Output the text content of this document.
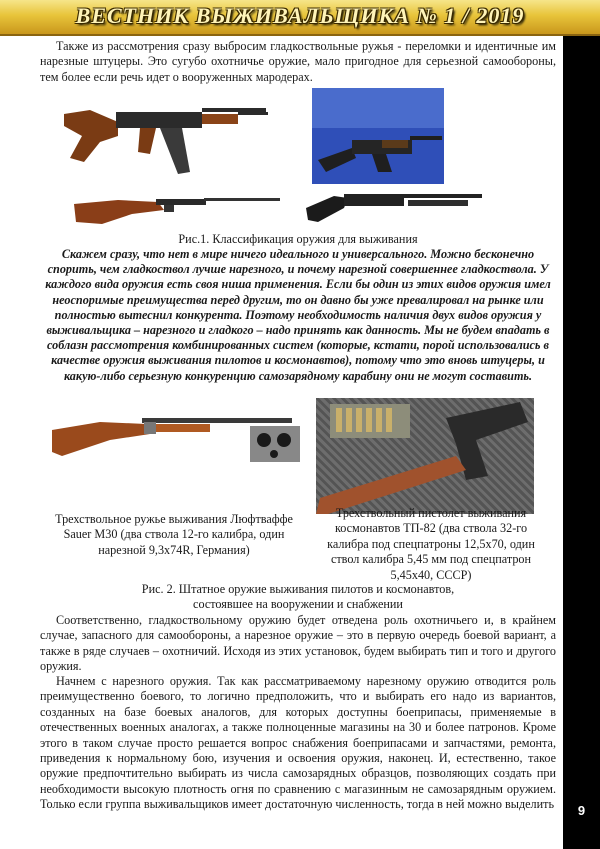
ВЕСТНИК ВЫЖИВАЛЬЩИКА № 1 / 2019
9
Также из рассмотрения сразу выбросим гладкоствольные ружья - переломки и идентичные им нарезные штуцеры. Это сугубо охотничье оружие, мало пригодное для серьезной самообороны, тем более если речь идет о вооруженных мародерах.
Рис.1. Классификация оружия для выживания
Скажем сразу, что нет в мире ничего идеального и универсального. Можно бесконечно спорить, чем гладкоствол лучше нарезного, и почему нарезной совершеннее гладкоствола. У каждого вида оружия есть своя ниша применения. Если бы один из этих видов оружия имел неоспоримые преимущества перед другим, то он давно бы уже превалировал на рынке или полностью вытеснил конкурента. Поэтому необходимость наличия двух видов оружия у выживальщика – нарезного и гладкого – надо принять как данность. Мы не будем впадать в соблазн рассмотрения комбинированных систем (которые, кстати, порой использовались в качестве оружия выживания пилотов и космонавтов), потому что это вновь штуцеры, и какую-либо серьезную конкуренцию самозарядному карабину они не могут составить.
Трехствольное ружье выживания Люфтваффе Sauer M30 (два ствола 12-го калибра, один нарезной 9,3х74R, Германия)
Трехствольный пистолет выживания космонавтов ТП-82 (два ствола 32-го калибра под спецпатроны 12,5х70, один ствол калибра 5,45 мм под спецпатрон 5,45х40, СССР)
Рис. 2. Штатное оружие выживания пилотов и космонавтов,
состоявшее на вооружении и снабжении
Соответственно, гладкоствольному оружию будет отведена роль охотничьего и, в крайнем случае, запасного для самообороны, а нарезное оружие – это в первую очередь боевой вариант, а также в ряде случаев – охотничий. Исходя из этих установок, будем выбирать тип и того и другого оружия.
Начнем с нарезного оружия. Так как рассматриваемому нарезному оружию отводится роль преимущественно боевого, то логично предположить, что и выбирать его надо из вариантов, созданных на базе боевых аналогов, для которых доступны боеприпасы, применяемые в отечественных военных аналогах, а также полноценные магазины на 30 и более патронов. Кроме этого в таком случае просто решается вопрос снабжения боеприпасами и запчастями, ремонта, приведения к нормальному бою, изучения и освоения оружия, наконец. И, естественно, такое оружие предпочтительно выбирать из числа самозарядных образцов, позволяющих создать при необходимости высокую плотность огня по сравнению с магазинным не самозарядным оружием. Только если группа выживальщиков имеет достаточную численность, тогда в ней можно выделить
